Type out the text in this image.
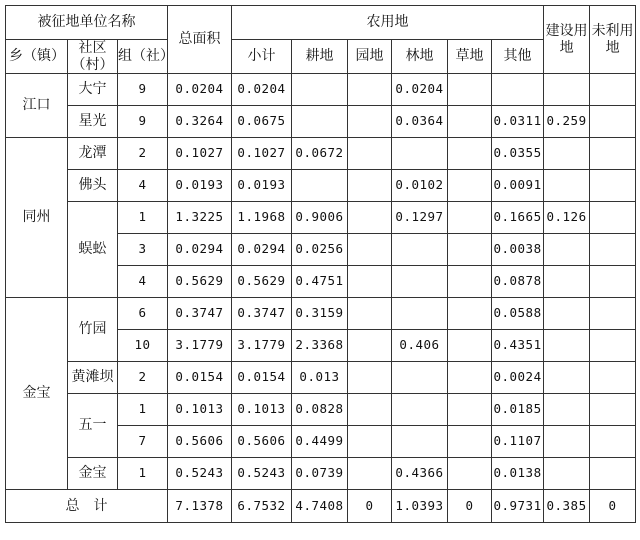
被征地单位名称			总面积	农用地						建设用地	未利用地
乡（镇）	社区（村）	组（社）		小计	耕地	园地	林地	草地	其他		
江口	大宁	9	0.0204	0.0204			0.0204				
	星光	9	0.3264	0.0675			0.0364		0.0311	0.259	
同州	龙潭	2	0.1027	0.1027	0.0672				0.0355		
	佛头	4	0.0193	0.0193			0.0102		0.0091		
	蜈蚣	1	1.3225	1.1968	0.9006		0.1297		0.1665	0.126	
		3	0.0294	0.0294	0.0256				0.0038		
		4	0.5629	0.5629	0.4751				0.0878		
金宝	竹园	6	0.3747	0.3747	0.3159				0.0588		
		10	3.1779	3.1779	2.3368		0.406		0.4351		
	黄滩坝	2	0.0154	0.0154	0.013				0.0024		
	五一	1	0.1013	0.1013	0.0828				0.0185		
		7	0.5606	0.5606	0.4499				0.1107		
	金宝	1	0.5243	0.5243	0.0739		0.4366		0.0138		
总计			7.1378	6.7532	4.7408	0	1.0393	0	0.9731	0.385	0
